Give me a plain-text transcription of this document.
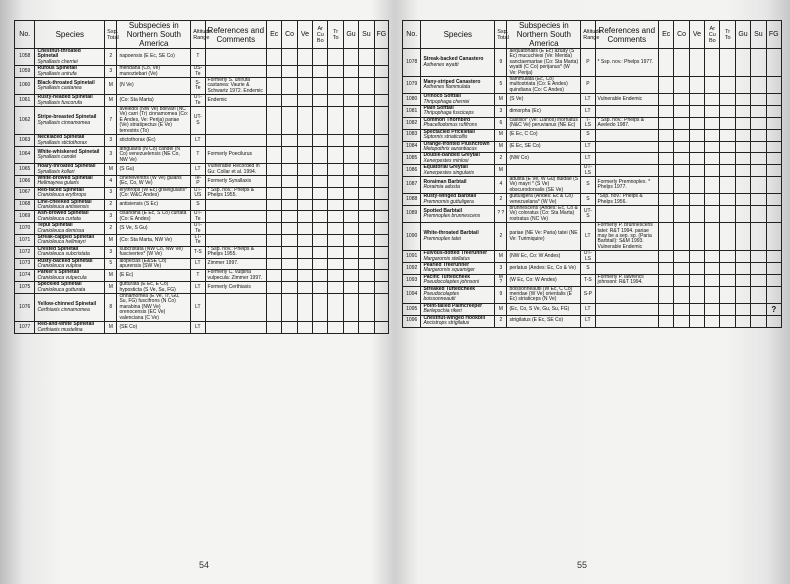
No.	Species	Ssp. Total	Subspecies in Northern South America	Altitude Range	References and Comments	Ec	Co	Ve	Ar Cu Bo	Tr To	Gu	Su	FG
1058	Chestnut-throated Spinetail
Synallaxis cherriei	2	napoensis (E Ec, SE Co)	T									
1059	Rufous Spinetail
Synallaxis unirufa	3	meridana (Co, Ve) munoztebari (Ve)	US-Te									
1060	Black-throated Spinetail
Synallaxis castanea	M	(N Ve)	S-Te	Formerly S. unirufa castanea: Vaurie & Schwartz 1972. Endemic								
1061	Rusty-headed Spinetail
Synallaxis fuscorufa	M	(Co: Sta Marta)	UT-Te	Endemic								
1062	Stripe-breasted Spinetail
Synallaxis cinnamomea	7	aveledoi (NW Ve) bolivari (NC Ve) carri (Tr) cinnamomea (Co: E Andes, Ve: Perija) pariae (Ve) striatipectus (E Ve) terrestris (To)	UT-S									
1063	Necklaced Spinetail
Synallaxis stictothorax	3	stictothorax (Ec)	LT									
1064	White-whiskered Spinetail
Synallaxis candei	3	atrigularis (N Co) candei (N Co) venezuelensis (NE Co, NW Ve)	T	Formerly Poecilurus								
1065	Hoary-throated Spinetail
Synallaxis kollari	M	(S Gu)	LT	Vulnerable Recorded in Gu: Collar et al. 1994.								
1066	White-browed Spinetail
Hellmayrea gularis	4	cinereiventris (W Ve) gularis (Ec, Co, W Ve)	Te-P	Formerly Synallaxis								
1067	Red-faced Spinetail
Cranioleuca erythrops	3	erythrops (W Ec) griseigularis* (Co: W&C Andes)	UT-US	* Ssp. nov.: Phelps & Phelps 1955.								
1068	Line-cheeked Spinetail
Cranioleuca antisiensis	2	antisiensis (S Ec)	S									
1069	Ash-browed Spinetail
Cranioleuca curtata	3	cisandina (E Ec, S Co) curtata (Co: E Andes)	UT-Te									
1070	Tepui Spinetail
Cranioleuca demissa	2	(S Ve, S Gu)	UT-Te									
1071	Streak-capped Spinetail
Cranioleuca hellmayri	M	(Co: Sta Marta, NW Ve)	LT-Te									
1072	Crested Spinetail
Cranioleuca subcristata	3	subcristata (NW Co, NW Ve) fuscivertex* (W Ve)	T-S	* Ssp. nov.: Phelps & Phelps 1955.								
1073	Rusty-backed Spinetail
Cranioleuca vulpina	5	alopecias (E&SE Co) apurensis (SW Ve)	LT	Zimmer 1997.								
1074	Parker's Spinetail
Cranioleuca vulpecula	M	(E Ec)	T	Formerly C. vulpina vulpecula: Zimmer 1997.								
1075	Speckled Spinetail
Cranioleuca gutturata	M	gutturata (E Ec, E Co) hyposticta (S Ve, Su, FG)	LT	Formerly Certhiaxis								
1076	Yellow-chinned Spinetail
Certhiaxis cinnamomea	8	cinnamomea (E Ve, Tr, Gu, Su, FG) fuscifrons (N Co) marabina (NW Ve) orenocensis (EC Ve) valenciana (C Ve)	LT									
1077	Red-and-white Spinetail
Certhiaxis mustelina	M	(SE Co)	LT									
54
No.	Species	Ssp. Total	Subspecies in Northern South America	Altitude Range	References and Comments	Ec	Co	Ve	Ar Cu Bo	Tr To	Gu	Su	FG
1078	Streak-backed Canastero
Asthenes wyatti	9	aequatorialis (E Ec) azuay (S Ec) mucuchiesi (Ve: Merida) sanctaemartae (Co: Sta Marta) wyatti (C Co) perijanus* (W Ve: Perija)	P	* Ssp. nov.: Phelps 1977.								
1079	Many-striped Canastero
Asthenes flammulata	5	flammulata (Ec, Co) multostriata (Co: E Andes) quindiana (Co: C Andes)	P									
1080	Orinoco Softtail
Thripophaga cherriei	M	(S Ve)	LT	Vulnerable Endemic								
1081	Plain Softtail
Thripophaga fusciceps	3	dimorpha (Ec)	LT									
1082	Common Thornbird
Phacellodomus rufifrons	6	castilloi* (Ve: Llanos) inornatus (N&C Ve) peruvianus (NE Ec)	T-LS	* Ssp. nov.: Phelps & Aveledo 1987.								
1083	Spectacled Prickletail
Siptornis striaticollis	M	(E Ec, C Co)	S									
1084	Orange-fronted Plushcrown
Metopothrix aurantiacus	M	(E Ec, SE Co)	LT									
1085	Double-banded Greytail
Xenerpestes minlosi	2	(NW Co)	LT									
1086	Equatorial Greytail
Xenerpestes singularis	M		UT-LS									
1087	Roraiman Barbtail
Roraimia adusta	4	adusta (E Ve, W Gu) duidae (S Ve) mayri * (S Ve) obscurodorsalis (SE Ve)	S	Formerly Premnoplex. * Phelps 1977.								
1088	Rusty-winged Barbtail
Premnornis guttuligera	2	guttuligera (Andes: Ec & Co) venezuelana* (W Ve)	S	*Ssp. nov.: Phelps & Phelps 1956.								
1089	Spotted Barbtail
Premnoplex brunnescens	? ?	brunnescens (Andes: Ec, Co & Ve) coloratus (Co: Sta Marta) rostratus (NC Ve)	UT-S									
1090	White-throated Barbtail
Premnoplex tatei	2	pariae (NE Ve: Paria) tatei (NE Ve: Turimiquire)	LT	Formerly P. brunnescens tatei: R&T 1994. pariae may be a sep. sp. (Paria Barbtail): S&M 1993. Vulnerable Endemic								
1091	Fulvous-dotted Treerunner
Margarornis stellatus	M	(NW Ec, Co: W Andes)	UT-LS									
1092	Pearled Treerunner
Margarornis squamiger	3	perlatus (Andes: Ec, Co & Ve)	S									
1093	Pacific Tuftedcheek
Pseudocolaptes johnsoni	M ?	(W Ec, Co: W Andes)	T-S	Formerly P. lawrencii johnsoni: R&T 1994.								
1094	Streaked Tuftedcheek
Pseudocolaptes boissonneautii	9	boissonneautii (W Ec, C Co) meridae (W Ve) orientalis (E Ec) striaticeps (N Ve)	S-P									
1095	Point-tailed Palmcreeper
Berlepschia rikeri	M	(Ec, Co, S Ve, Gu, Su, FG)	LT									?
1096	Chestnut-winged Hookbill
Ancistrops strigilatus	2	strigilatus (E Ec, SE Co)	LT									
55
